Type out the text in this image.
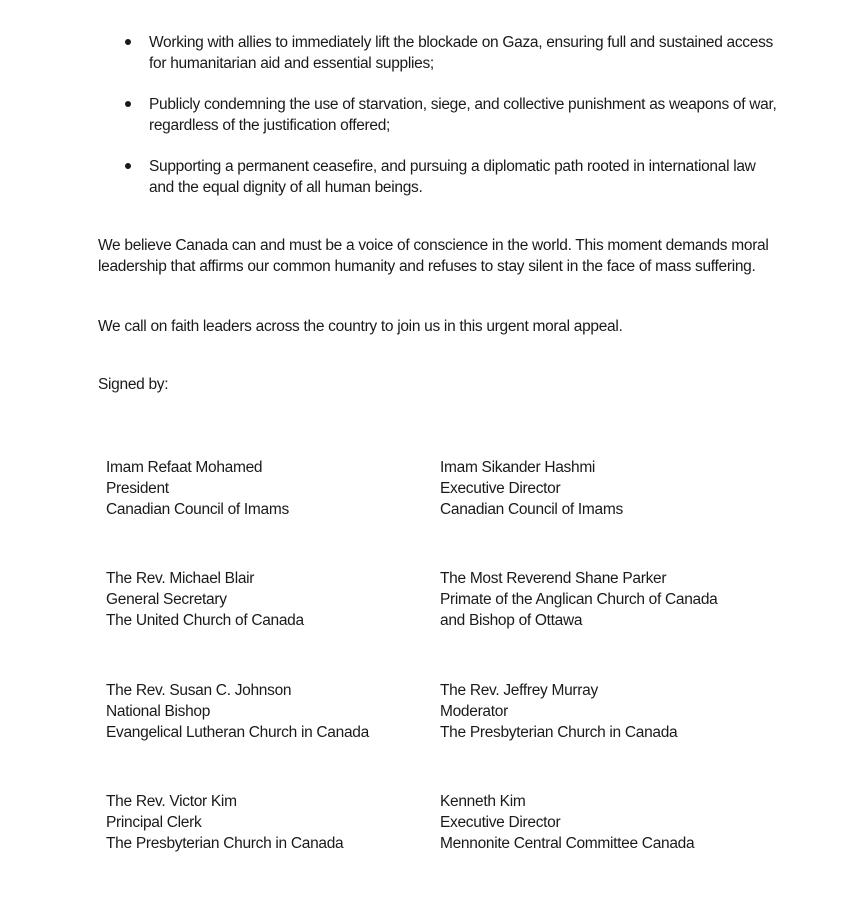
Working with allies to immediately lift the blockade on Gaza, ensuring full and sustained access for humanitarian aid and essential supplies;
Publicly condemning the use of starvation, siege, and collective punishment as weapons of war, regardless of the justification offered;
Supporting a permanent ceasefire, and pursuing a diplomatic path rooted in international law and the equal dignity of all human beings.

We believe Canada can and must be a voice of conscience in the world. This moment demands moral leadership that affirms our common humanity and refuses to stay silent in the face of mass suffering.

We call on faith leaders across the country to join us in this urgent moral appeal.

Signed by:

Imam Refaat Mohamed
President
Canadian Council of Imams
Imam Sikander Hashmi
Executive Director
Canadian Council of Imams
The Rev. Michael Blair
General Secretary
The United Church of Canada
The Most Reverend Shane Parker
Primate of the Anglican Church of Canada
and Bishop of Ottawa
The Rev. Susan C. Johnson
National Bishop
Evangelical Lutheran Church in Canada
The Rev. Jeffrey Murray
Moderator
The Presbyterian Church in Canada
The Rev. Victor Kim
Principal Clerk
The Presbyterian Church in Canada
Kenneth Kim
Executive Director
Mennonite Central Committee Canada
